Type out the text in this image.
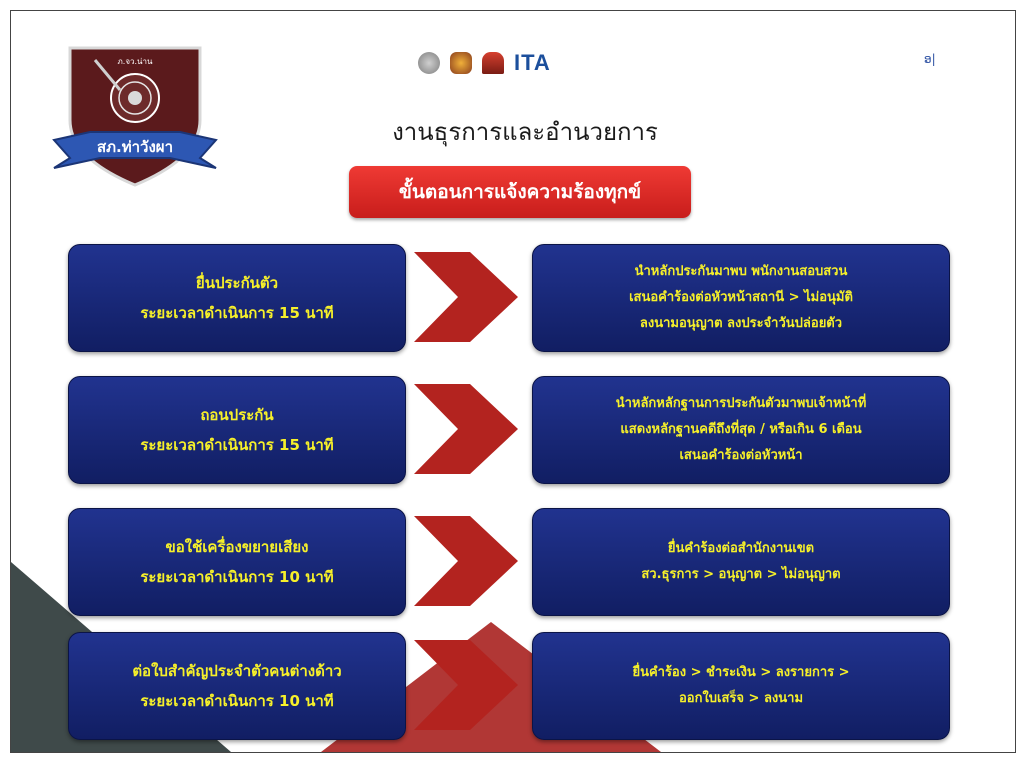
ภ.จว.น่าน
สภ.ท่าวังผา
ITA	ອ|
งานธุรการและอำนวยการ
ขั้นตอนการแจ้งความร้องทุกข์
ยื่นประกันตัว
ระยะเวลาดำเนินการ 15 นาที
นำหลักประกันมาพบ พนักงานสอบสวน
เสนอคำร้องต่อหัวหน้าสถานี > ไม่อนุมัติ
ลงนามอนุญาต ลงประจำวันปล่อยตัว
ถอนประกัน
ระยะเวลาดำเนินการ 15 นาที
นำหลักหลักฐานการประกันตัวมาพบเจ้าหน้าที่
แสดงหลักฐานคดีถึงที่สุด / หรือเกิน 6 เดือน
เสนอคำร้องต่อหัวหน้า
ขอใช้เครื่องขยายเสียง
ระยะเวลาดำเนินการ 10 นาที
ยื่นคำร้องต่อสำนักงานเขต
สว.ธุรการ > อนุญาต > ไม่อนุญาต
ต่อใบสำคัญประจำตัวคนต่างด้าว
ระยะเวลาดำเนินการ 10 นาที
ยื่นคำร้อง > ชำระเงิน > ลงรายการ >
ออกใบเสร็จ > ลงนาม
